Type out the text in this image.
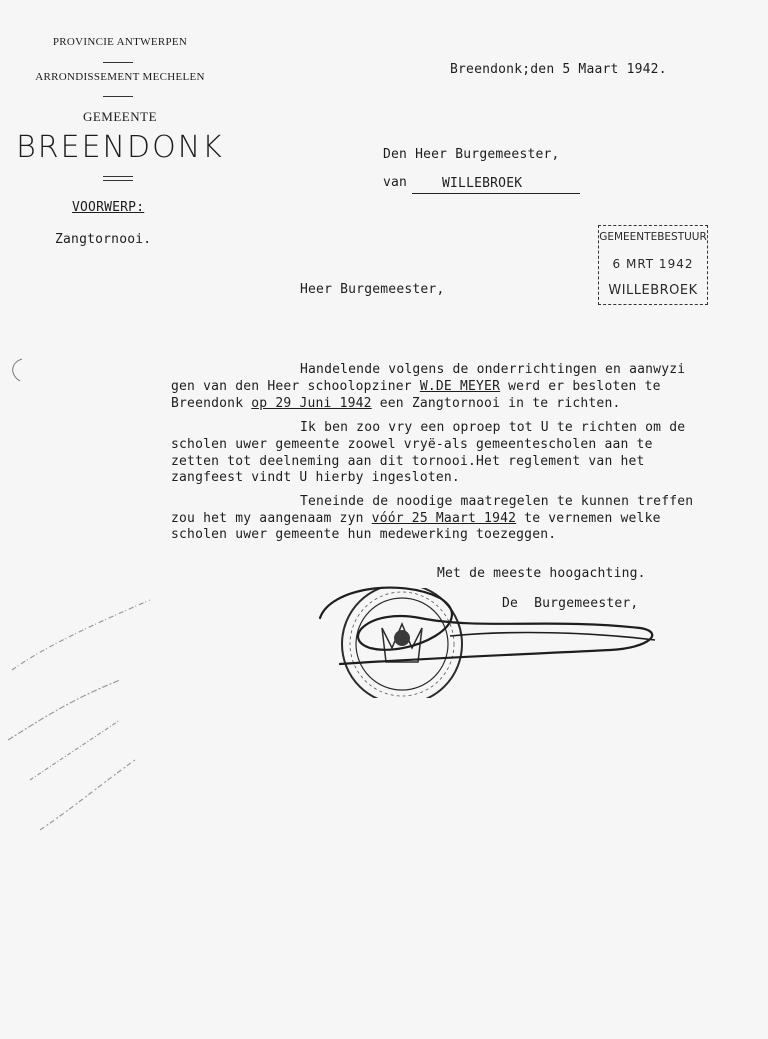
PROVINCIE ANTWERPEN
ARRONDISSEMENT MECHELEN
GEMEENTE
BREENDONK
VOORWERP:
Zangtornooi.
Breendonk;den 5 Maart 1942.
Den Heer Burgemeester,
van	WILLEBROEK
GEMEENTEBESTUUR
6 MRT 1942
WILLEBROEK
Heer Burgemeester,
Handelende volgens de onderrichtingen en aanwyzi
gen van den Heer schoolopziner W.DE MEYER werd er besloten te
Breendonk op 29 Juni 1942 een Zangtornooi in te richten.
Ik ben zoo vry een oproep tot U te richten om de
scholen uwer gemeente zoowel vryë-als gemeentescholen aan te
zetten tot deelneming aan dit tornooi.Het reglement van het
zangfeest vindt U hierby ingesloten.
Teneinde de noodige maatregelen te kunnen treffen
zou het my aangenaam zyn vóór 25 Maart 1942 te vernemen welke
scholen uwer gemeente hun medewerking toezeggen.
Met de meeste hoogachting.
De  Burgemeester,
